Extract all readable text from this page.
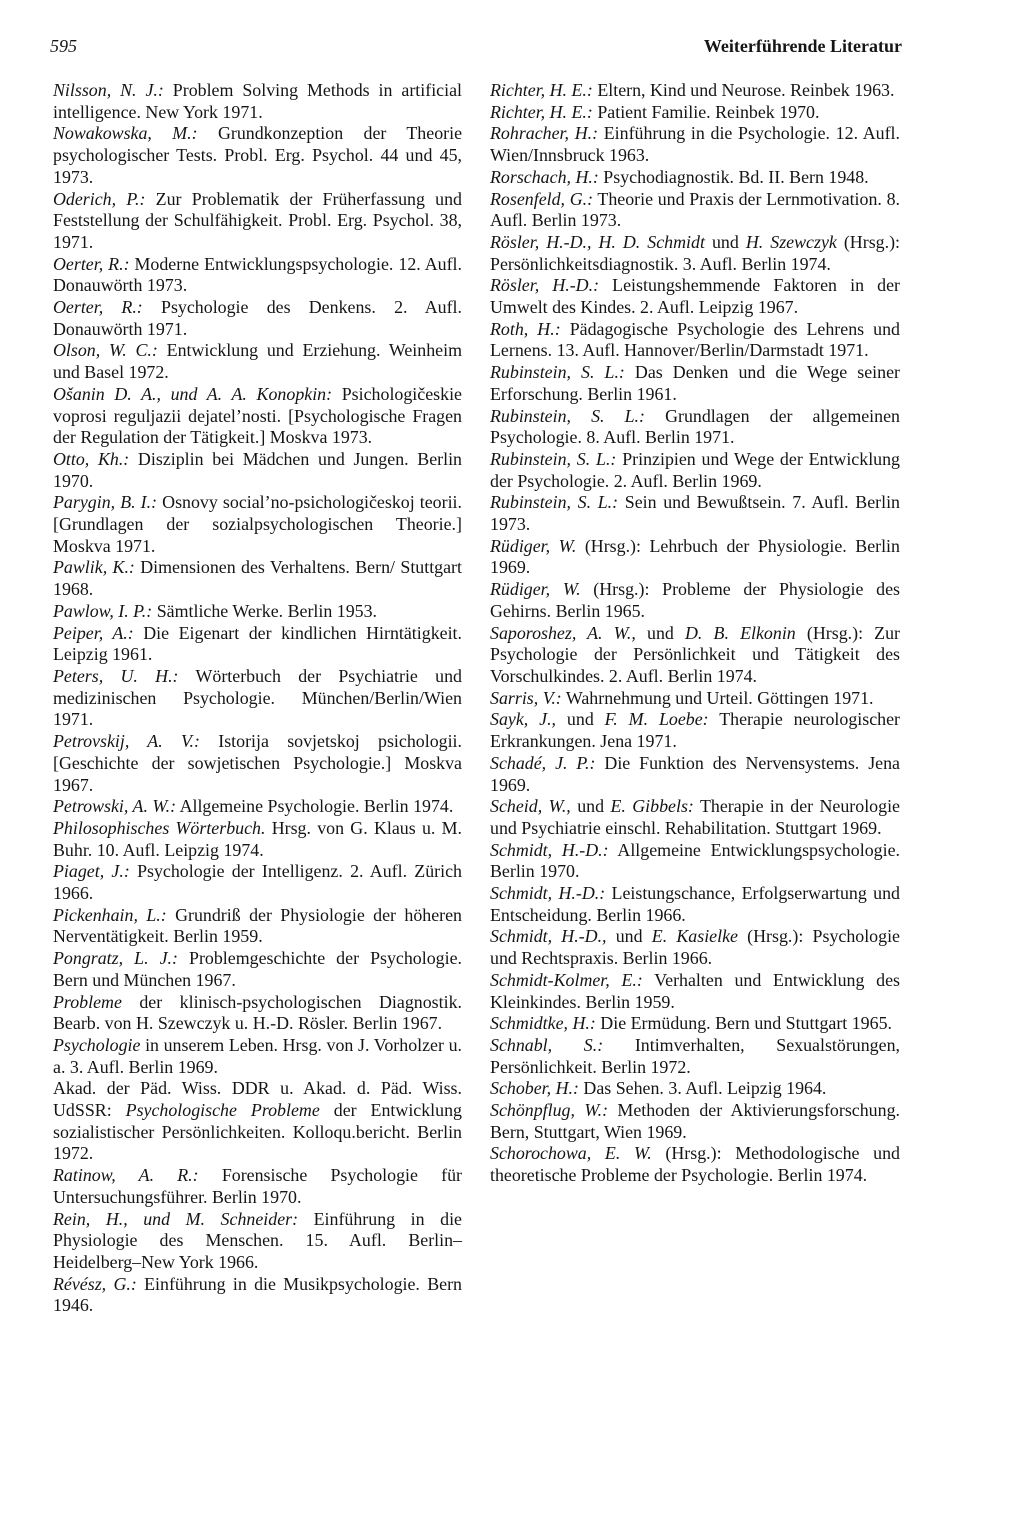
595	Weiterführende Literatur
Nilsson, N. J.: Problem Solving Methods in artificial intelligence. New York 1971.
Nowakowska, M.: Grundkonzeption der Theorie psychologischer Tests. Probl. Erg. Psychol. 44 und 45, 1973.
Oderich, P.: Zur Problematik der Früherfassung und Feststellung der Schulfähigkeit. Probl. Erg. Psychol. 38, 1971.
Oerter, R.: Moderne Entwicklungspsychologie. 12. Aufl. Donauwörth 1973.
Oerter, R.: Psychologie des Denkens. 2. Aufl. Donauwörth 1971.
Olson, W. C.: Entwicklung und Erziehung. Weinheim und Basel 1972.
Ošanin D. A., und A. A. Konopkin: Psichologičeskie voprosi reguljazii dejatel’nosti. [Psychologische Fragen der Regulation der Tätigkeit.] Moskva 1973.
Otto, Kh.: Disziplin bei Mädchen und Jungen. Berlin 1970.
Parygin, B. I.: Osnovy social’no-psichologičeskoj teorii. [Grundlagen der sozialpsychologischen Theorie.] Moskva 1971.
Pawlik, K.: Dimensionen des Verhaltens. Bern/ Stuttgart 1968.
Pawlow, I. P.: Sämtliche Werke. Berlin 1953.
Peiper, A.: Die Eigenart der kindlichen Hirntätigkeit. Leipzig 1961.
Peters, U. H.: Wörterbuch der Psychiatrie und medizinischen Psychologie. München/Berlin/Wien 1971.
Petrovskij, A. V.: Istorija sovjetskoj psichologii. [Geschichte der sowjetischen Psychologie.] Moskva 1967.
Petrowski, A. W.: Allgemeine Psychologie. Berlin 1974.
Philosophisches Wörterbuch. Hrsg. von G. Klaus u. M. Buhr. 10. Aufl. Leipzig 1974.
Piaget, J.: Psychologie der Intelligenz. 2. Aufl. Zürich 1966.
Pickenhain, L.: Grundriß der Physiologie der höheren Nerventätigkeit. Berlin 1959.
Pongratz, L. J.: Problemgeschichte der Psychologie. Bern und München 1967.
Probleme der klinisch-psychologischen Diagnostik. Bearb. von H. Szewczyk u. H.-D. Rösler. Berlin 1967.
Psychologie in unserem Leben. Hrsg. von J. Vorholzer u. a. 3. Aufl. Berlin 1969.
Akad. der Päd. Wiss. DDR u. Akad. d. Päd. Wiss. UdSSR: Psychologische Probleme der Entwicklung sozialistischer Persönlichkeiten. Kolloqu.bericht. Berlin 1972.
Ratinow, A. R.: Forensische Psychologie für Untersuchungsführer. Berlin 1970.
Rein, H., und M. Schneider: Einführung in die Physiologie des Menschen. 15. Aufl. Berlin–Heidelberg–New York 1966.
Révész, G.: Einführung in die Musikpsychologie. Bern 1946.
Richter, H. E.: Eltern, Kind und Neurose. Reinbek 1963.
Richter, H. E.: Patient Familie. Reinbek 1970.
Rohracher, H.: Einführung in die Psychologie. 12. Aufl. Wien/Innsbruck 1963.
Rorschach, H.: Psychodiagnostik. Bd. II. Bern 1948.
Rosenfeld, G.: Theorie und Praxis der Lernmotivation. 8. Aufl. Berlin 1973.
Rösler, H.-D., H. D. Schmidt und H. Szewczyk (Hrsg.): Persönlichkeitsdiagnostik. 3. Aufl. Berlin 1974.
Rösler, H.-D.: Leistungshemmende Faktoren in der Umwelt des Kindes. 2. Aufl. Leipzig 1967.
Roth, H.: Pädagogische Psychologie des Lehrens und Lernens. 13. Aufl. Hannover/Berlin/Darmstadt 1971.
Rubinstein, S. L.: Das Denken und die Wege seiner Erforschung. Berlin 1961.
Rubinstein, S. L.: Grundlagen der allgemeinen Psychologie. 8. Aufl. Berlin 1971.
Rubinstein, S. L.: Prinzipien und Wege der Entwicklung der Psychologie. 2. Aufl. Berlin 1969.
Rubinstein, S. L.: Sein und Bewußtsein. 7. Aufl. Berlin 1973.
Rüdiger, W. (Hrsg.): Lehrbuch der Physiologie. Berlin 1969.
Rüdiger, W. (Hrsg.): Probleme der Physiologie des Gehirns. Berlin 1965.
Saporoshez, A. W., und D. B. Elkonin (Hrsg.): Zur Psychologie der Persönlichkeit und Tätigkeit des Vorschulkindes. 2. Aufl. Berlin 1974.
Sarris, V.: Wahrnehmung und Urteil. Göttingen 1971.
Sayk, J., und F. M. Loebe: Therapie neurologischer Erkrankungen. Jena 1971.
Schadé, J. P.: Die Funktion des Nervensystems. Jena 1969.
Scheid, W., und E. Gibbels: Therapie in der Neurologie und Psychiatrie einschl. Rehabilitation. Stuttgart 1969.
Schmidt, H.-D.: Allgemeine Entwicklungspsychologie. Berlin 1970.
Schmidt, H.-D.: Leistungschance, Erfolgserwartung und Entscheidung. Berlin 1966.
Schmidt, H.-D., und E. Kasielke (Hrsg.): Psychologie und Rechtspraxis. Berlin 1966.
Schmidt-Kolmer, E.: Verhalten und Entwicklung des Kleinkindes. Berlin 1959.
Schmidtke, H.: Die Ermüdung. Bern und Stuttgart 1965.
Schnabl, S.: Intimverhalten, Sexualstörungen, Persönlichkeit. Berlin 1972.
Schober, H.: Das Sehen. 3. Aufl. Leipzig 1964.
Schönpflug, W.: Methoden der Aktivierungsforschung. Bern, Stuttgart, Wien 1969.
Schorochowa, E. W. (Hrsg.): Methodologische und theoretische Probleme der Psychologie. Berlin 1974.
